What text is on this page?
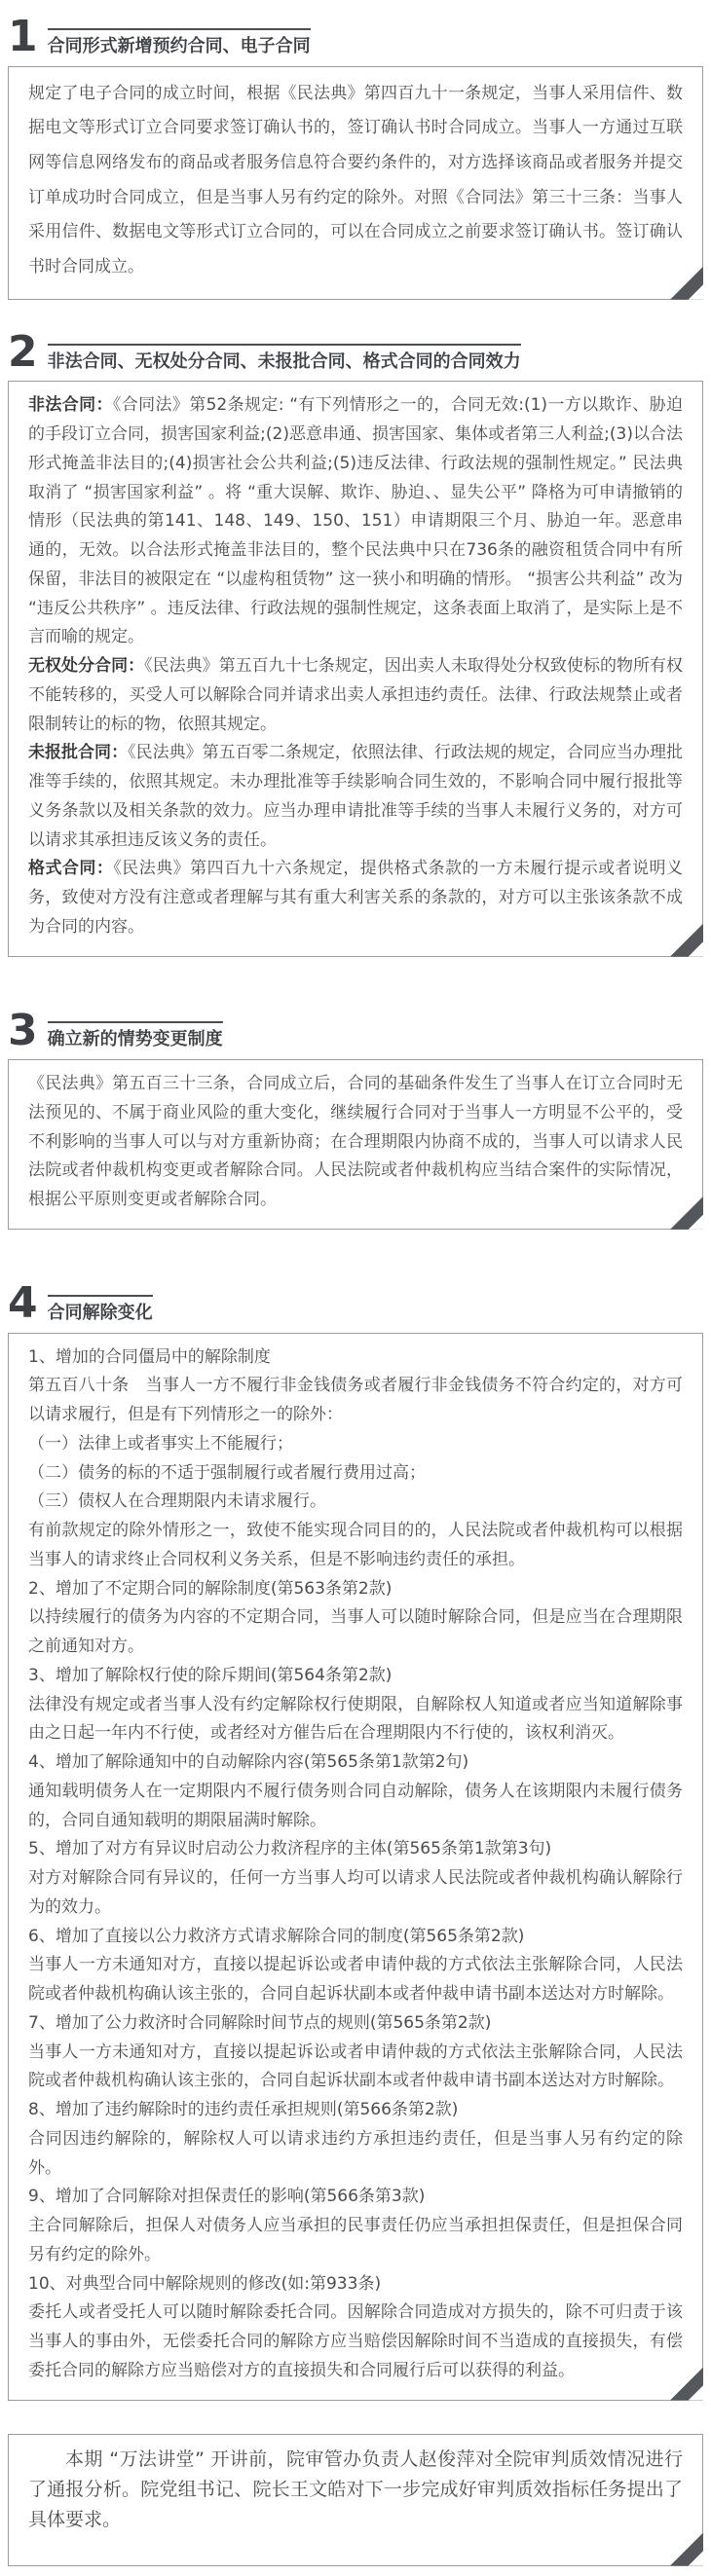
1 合同形式新增预约合同、电子合同

规定了电子合同的成立时间，根据《民法典》第四百九十一条规定，当事人采用信件、数据电文等形式订立合同要求签订确认书的，签订确认书时合同成立。当事人一方通过互联网等信息网络发布的商品或者服务信息符合要约条件的，对方选择该商品或者服务并提交订单成功时合同成立，但是当事人另有约定的除外。对照《合同法》第三十三条：当事人采用信件、数据电文等形式订立合同的，可以在合同成立之前要求签订确认书。签订确认书时合同成立。

2 非法合同、无权处分合同、未报批合同、格式合同的合同效力

非法合同：《合同法》第52条规定: “有下列情形之一的，合同无效:(1)一方以欺诈、胁迫的手段订立合同，损害国家利益;(2)恶意串通、损害国家、集体或者第三人利益;(3)以合法形式掩盖非法目的;(4)损害社会公共利益;(5)违反法律、行政法规的强制性规定。” 民法典取消了 “损害国家利益” 。将 “重大误解、欺诈、胁迫、、显失公平” 降格为可申请撤销的情形（民法典的第141、148、149、150、151）申请期限三个月、胁迫一年。恶意串通的，无效。以合法形式掩盖非法目的，整个民法典中只在736条的融资租赁合同中有所保留，非法目的被限定在 “以虚构租赁物” 这一狭小和明确的情形。 “损害公共利益” 改为 “违反公共秩序” 。违反法律、行政法规的强制性规定，这条表面上取消了，是实际上是不言而喻的规定。

无权处分合同：《民法典》第五百九十七条规定，因出卖人未取得处分权致使标的物所有权不能转移的，买受人可以解除合同并请求出卖人承担违约责任。法律、行政法规禁止或者限制转让的标的物，依照其规定。

未报批合同：《民法典》第五百零二条规定，依照法律、行政法规的规定，合同应当办理批准等手续的，依照其规定。未办理批准等手续影响合同生效的，不影响合同中履行报批等义务条款以及相关条款的效力。应当办理申请批准等手续的当事人未履行义务的，对方可以请求其承担违反该义务的责任。

格式合同：《民法典》第四百九十六条规定，提供格式条款的一方未履行提示或者说明义务，致使对方没有注意或者理解与其有重大利害关系的条款的，对方可以主张该条款不成为合同的内容。

3 确立新的情势变更制度

《民法典》第五百三十三条，合同成立后，合同的基础条件发生了当事人在订立合同时无法预见的、不属于商业风险的重大变化，继续履行合同对于当事人一方明显不公平的，受不利影响的当事人可以与对方重新协商；在合理期限内协商不成的，当事人可以请求人民法院或者仲裁机构变更或者解除合同。人民法院或者仲裁机构应当结合案件的实际情况，根据公平原则变更或者解除合同。

4 合同解除变化

1、增加的合同僵局中的解除制度

第五百八十条　当事人一方不履行非金钱债务或者履行非金钱债务不符合约定的，对方可以请求履行，但是有下列情形之一的除外：

（一）法律上或者事实上不能履行；

（二）债务的标的不适于强制履行或者履行费用过高；

（三）债权人在合理期限内未请求履行。

有前款规定的除外情形之一，致使不能实现合同目的的，人民法院或者仲裁机构可以根据当事人的请求终止合同权利义务关系，但是不影响违约责任的承担。

2、增加了不定期合同的解除制度(第563条第2款)

以持续履行的债务为内容的不定期合同，当事人可以随时解除合同，但是应当在合理期限之前通知对方。

3、增加了解除权行使的除斥期间(第564条第2款)

法律没有规定或者当事人没有约定解除权行使期限，自解除权人知道或者应当知道解除事由之日起一年内不行使，或者经对方催告后在合理期限内不行使的，该权利消灭。

4、增加了解除通知中的自动解除内容(第565条第1款第2句)

通知载明债务人在一定期限内不履行债务则合同自动解除，债务人在该期限内未履行债务的，合同自通知载明的期限届满时解除。

5、增加了对方有异议时启动公力救济程序的主体(第565条第1款第3句)

对方对解除合同有异议的，任何一方当事人均可以请求人民法院或者仲裁机构确认解除行为的效力。

6、增加了直接以公力救济方式请求解除合同的制度(第565条第2款)

当事人一方未通知对方，直接以提起诉讼或者申请仲裁的方式依法主张解除合同，人民法院或者仲裁机构确认该主张的，合同自起诉状副本或者仲裁申请书副本送达对方时解除。

7、增加了公力救济时合同解除时间节点的规则(第565条第2款)

当事人一方未通知对方，直接以提起诉讼或者申请仲裁的方式依法主张解除合同，人民法院或者仲裁机构确认该主张的，合同自起诉状副本或者仲裁申请书副本送达对方时解除。

8、增加了违约解除时的违约责任承担规则(第566条第2款)

合同因违约解除的，解除权人可以请求违约方承担违约责任，但是当事人另有约定的除外。

9、增加了合同解除对担保责任的影响(第566条第3款)

主合同解除后，担保人对债务人应当承担的民事责任仍应当承担担保责任，但是担保合同另有约定的除外。

10、对典型合同中解除规则的修改(如:第933条)

委托人或者受托人可以随时解除委托合同。因解除合同造成对方损失的，除不可归责于该当事人的事由外，无偿委托合同的解除方应当赔偿因解除时间不当造成的直接损失，有偿委托合同的解除方应当赔偿对方的直接损失和合同履行后可以获得的利益。

本期 “万法讲堂” 开讲前，院审管办负责人赵俊萍对全院审判质效情况进行了通报分析。院党组书记、院长王文皓对下一步完成好审判质效指标任务提出了具体要求。
